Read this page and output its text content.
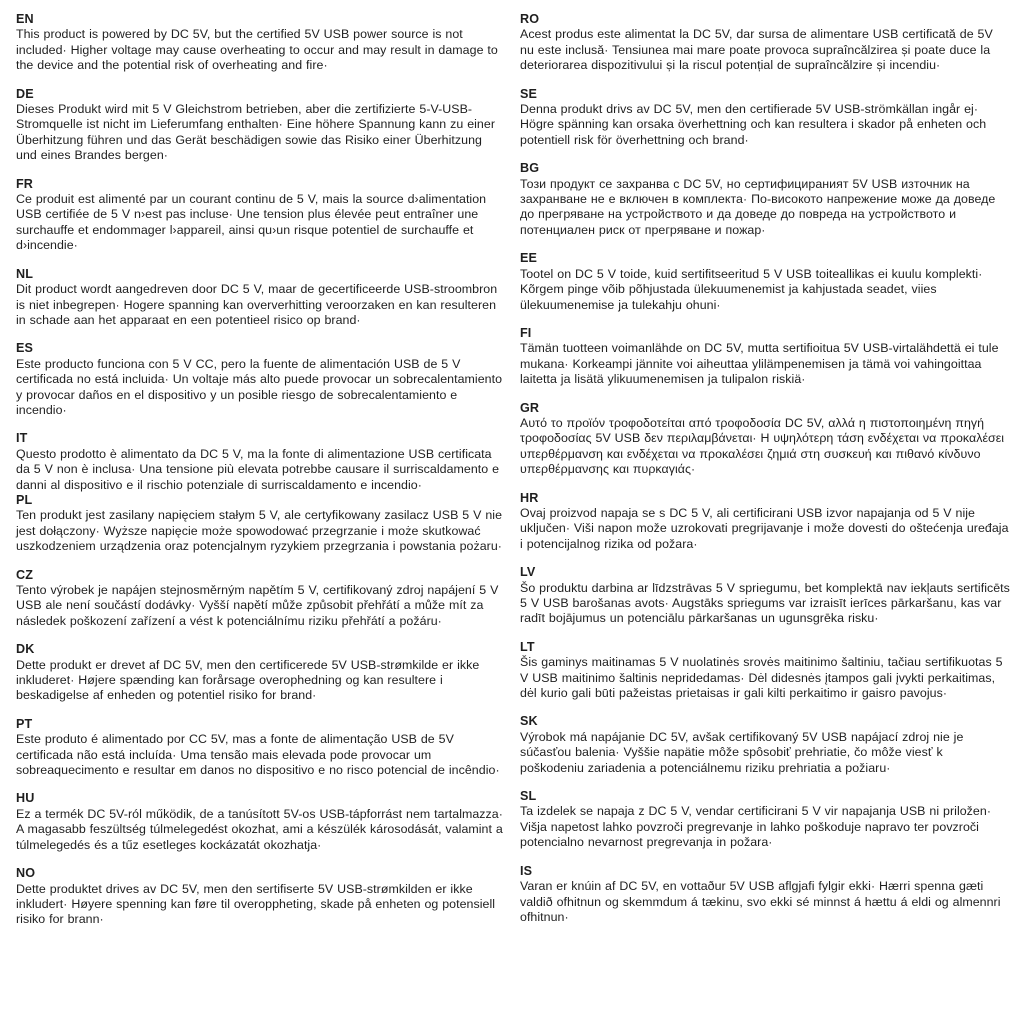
EN

This product is powered by DC 5V, but the certified 5V USB power source is not included· Higher voltage may cause overheating to occur and may result in damage to the device and the potential risk of overheating and fire·

DE

Dieses Produkt wird mit 5 V Gleichstrom betrieben, aber die zertifizierte 5-V-USB-Stromquelle ist nicht im Lieferumfang enthalten· Eine höhere Spannung kann zu einer Überhitzung führen und das Gerät beschädigen sowie das Risiko einer Überhitzung und eines Brandes bergen·

FR

Ce produit est alimenté par un courant continu de 5 V, mais la source d›alimentation USB certifiée de 5 V n›est pas incluse· Une tension plus élevée peut entraîner une surchauffe et endommager l›appareil, ainsi qu›un risque potentiel de surchauffe et d›incendie·

NL

Dit product wordt aangedreven door DC 5 V, maar de gecertificeerde USB-stroombron is niet inbegrepen· Hogere spanning kan oververhitting veroorzaken en kan resulteren in schade aan het apparaat en een potentieel risico op brand·

ES

Este producto funciona con 5 V CC, pero la fuente de alimentación USB de 5 V certificada no está incluida· Un voltaje más alto puede provocar un sobrecalentamiento y provocar daños en el dispositivo y un posible riesgo de sobrecalentamiento e incendio·

IT

Questo prodotto è alimentato da DC 5 V, ma la fonte di alimentazione USB certificata da 5 V non è inclusa· Una tensione più elevata potrebbe causare il surriscaldamento e danni al dispositivo e il rischio potenziale di surriscaldamento e incendio·

PL

Ten produkt jest zasilany napięciem stałym 5 V, ale certyfikowany zasilacz USB 5 V nie jest dołączony· Wyższe napięcie może spowodować przegrzanie i może skutkować uszkodzeniem urządzenia oraz potencjalnym ryzykiem przegrzania i powstania pożaru·

CZ

Tento výrobek je napájen stejnosměrným napětím 5 V, certifikovaný zdroj napájení 5 V USB ale není součástí dodávky· Vyšší napětí může způsobit přehřátí a může mít za následek poškození zařízení a vést k potenciálnímu riziku přehřátí a požáru·

DK

Dette produkt er drevet af DC 5V, men den certificerede 5V USB-strømkilde er ikke inkluderet· Højere spænding kan forårsage overophedning og kan resultere i beskadigelse af enheden og potentiel risiko for brand·

PT

Este produto é alimentado por CC 5V, mas a fonte de alimentação USB de 5V certificada não está incluída· Uma tensão mais elevada pode provocar um sobreaquecimento e resultar em danos no dispositivo e no risco potencial de incêndio·

HU

Ez a termék DC 5V-ról működik, de a tanúsított 5V-os USB-tápforrást nem tartalmazza· A magasabb feszültség túlmelegedést okozhat, ami a készülék károsodását, valamint a túlmelegedés és a tűz esetleges kockázatát okozhatja·

NO

Dette produktet drives av DC 5V, men den sertifiserte 5V USB-strømkilden er ikke inkludert· Høyere spenning kan føre til overoppheting, skade på enheten og potensiell risiko for brann·

RO

Acest produs este alimentat la DC 5V, dar sursa de alimentare USB certificată de 5V nu este inclusă· Tensiunea mai mare poate provoca supraîncălzirea și poate duce la deteriorarea dispozitivului și la riscul potențial de supraîncălzire și incendiu·

SE

Denna produkt drivs av DC 5V, men den certifierade 5V USB-strömkällan ingår ej· Högre spänning kan orsaka överhettning och kan resultera i skador på enheten och potentiell risk för överhettning och brand·

BG

Този продукт се захранва с DC 5V, но сертифицираният 5V USB източник на захранване не е включен в комплекта· По-високото напрежение може да доведе до прегряване на устройството и да доведе до повреда на устройството и потенциален риск от прегряване и пожар·

EE

Tootel on DC 5 V toide, kuid sertifitseeritud 5 V USB toiteallikas ei kuulu komplekti· Kõrgem pinge võib põhjustada ülekuumenemist ja kahjustada seadet, viies ülekuumenemise ja tulekahju ohuni·

FI

Tämän tuotteen voimanlähde on DC 5V, mutta sertifioitua 5V USB-virtalähdettä ei tule mukana· Korkeampi jännite voi aiheuttaa ylilämpenemisen ja tämä voi vahingoittaa laitetta ja lisätä ylikuumenemisen ja tulipalon riskiä·

GR

Αυτό το προϊόν τροφοδοτείται από τροφοδοσία DC 5V, αλλά η πιστοποιημένη πηγή τροφοδοσίας 5V USB δεν περιλαμβάνεται· Η υψηλότερη τάση ενδέχεται να προκαλέσει υπερθέρμανση και ενδέχεται να προκαλέσει ζημιά στη συσκευή και πιθανό κίνδυνο υπερθέρμανσης και πυρκαγιάς·

HR

Ovaj proizvod napaja se s DC 5 V, ali certificirani USB izvor napajanja od 5 V nije uključen· Viši napon može uzrokovati pregrijavanje i može dovesti do oštećenja uređaja i potencijalnog rizika od požara·

LV

Šo produktu darbina ar līdzstrāvas 5 V spriegumu, bet komplektā nav iekļauts sertificēts 5 V USB barošanas avots· Augstāks spriegums var izraisīt ierīces pārkaršanu, kas var radīt bojājumus un potenciālu pārkaršanas un ugunsgrēka risku·

LT

Šis gaminys maitinamas 5 V nuolatinės srovės maitinimo šaltiniu, tačiau sertifikuotas 5 V USB maitinimo šaltinis nepridedamas· Dėl didesnės įtampos gali įvykti perkaitimas, dėl kurio gali būti pažeistas prietaisas ir gali kilti perkaitimo ir gaisro pavojus·

SK

Výrobok má napájanie DC 5V, avšak certifikovaný 5V USB napájací zdroj nie je súčasťou balenia· Vyššie napätie môže spôsobiť prehriatie, čo môže viesť k poškodeniu zariadenia a potenciálnemu riziku prehriatia a požiaru·

SL

Ta izdelek se napaja z DC 5 V, vendar certificirani 5 V vir napajanja USB ni priložen· Višja napetost lahko povzroči pregrevanje in lahko poškoduje napravo ter povzroči potencialno nevarnost pregrevanja in požara·

IS

Varan er knúin af DC 5V, en vottaður 5V USB aflgjafi fylgir ekki· Hærri spenna gæti valdið ofhitnun og skemmdum á tækinu, svo ekki sé minnst á hættu á eldi og almennri ofhitnun·
